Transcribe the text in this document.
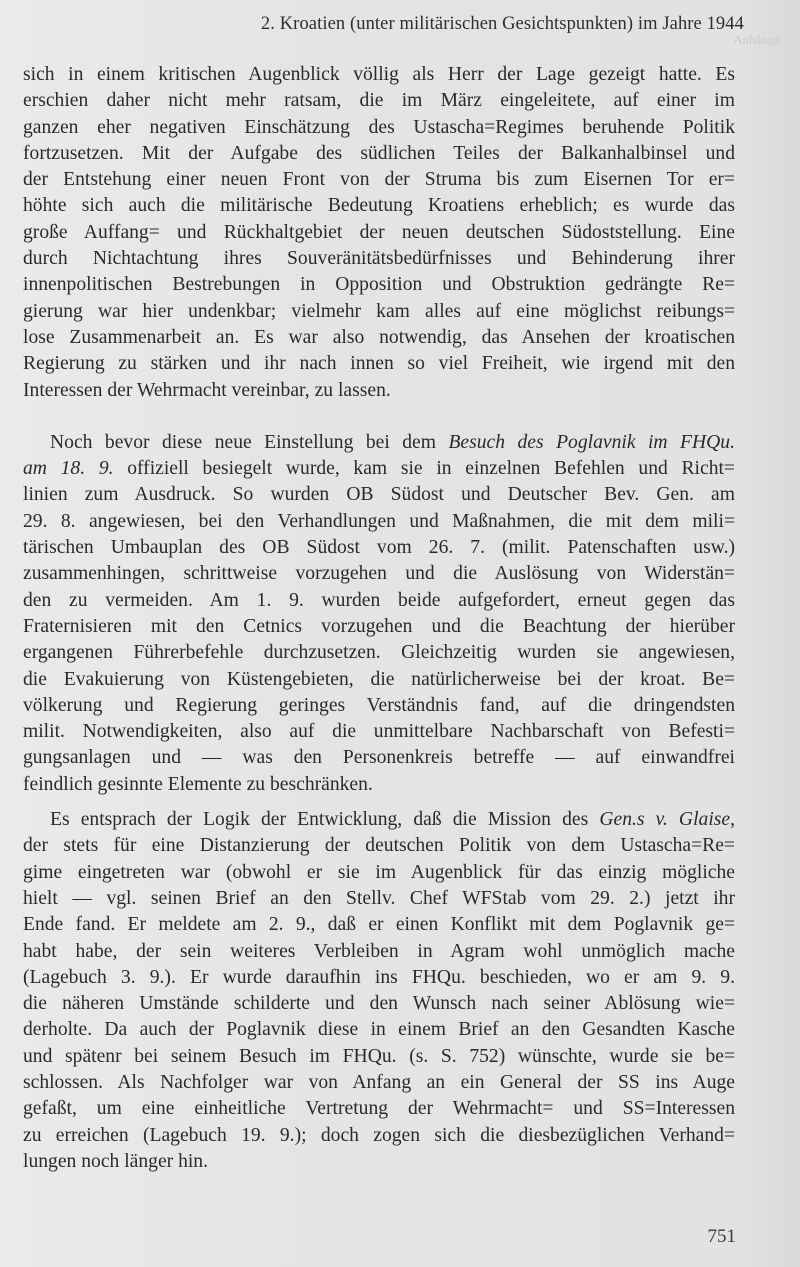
Anhänge
2. Kroatien (unter militärischen Gesichtspunkten) im Jahre 1944
sich in einem kritischen Augenblick völlig als Herr der Lage gezeigt hatte. Es
erschien daher nicht mehr ratsam, die im März eingeleitete, auf einer im
ganzen eher negativen Einschätzung des Ustascha=Regimes beruhende Politik
fortzusetzen. Mit der Aufgabe des südlichen Teiles der Balkanhalbinsel und
der Entstehung einer neuen Front von der Struma bis zum Eisernen Tor er=
höhte sich auch die militärische Bedeutung Kroatiens erheblich; es wurde das
große Auffang= und Rückhaltgebiet der neuen deutschen Südoststellung. Eine
durch Nichtachtung ihres Souveränitätsbedürfnisses und Behinderung ihrer
innenpolitischen Bestrebungen in Opposition und Obstruktion gedrängte Re=
gierung war hier undenkbar; vielmehr kam alles auf eine möglichst reibungs=
lose Zusammenarbeit an. Es war also notwendig, das Ansehen der kroatischen
Regierung zu stärken und ihr nach innen so viel Freiheit, wie irgend mit den
Interessen der Wehrmacht vereinbar, zu lassen.
Noch bevor diese neue Einstellung bei dem Besuch des Poglavnik im FHQu.
am 18. 9. offiziell besiegelt wurde, kam sie in einzelnen Befehlen und Richt=
linien zum Ausdruck. So wurden OB Südost und Deutscher Bev. Gen. am
29. 8. angewiesen, bei den Verhandlungen und Maßnahmen, die mit dem mili=
tärischen Umbauplan des OB Südost vom 26. 7. (milit. Patenschaften usw.)
zusammenhingen, schrittweise vorzugehen und die Auslösung von Widerstän=
den zu vermeiden. Am 1. 9. wurden beide aufgefordert, erneut gegen das
Fraternisieren mit den Cetnics vorzugehen und die Beachtung der hierüber
ergangenen Führerbefehle durchzusetzen. Gleichzeitig wurden sie angewiesen,
die Evakuierung von Küstengebieten, die natürlicherweise bei der kroat. Be=
völkerung und Regierung geringes Verständnis fand, auf die dringendsten
milit. Notwendigkeiten, also auf die unmittelbare Nachbarschaft von Befesti=
gungsanlagen und — was den Personenkreis betreffe — auf einwandfrei
feindlich gesinnte Elemente zu beschränken.
Es entsprach der Logik der Entwicklung, daß die Mission des Gen.s v. Glaise,
der stets für eine Distanzierung der deutschen Politik von dem Ustascha=Re=
gime eingetreten war (obwohl er sie im Augenblick für das einzig mögliche
hielt — vgl. seinen Brief an den Stellv. Chef WFStab vom 29. 2.) jetzt ihr
Ende fand. Er meldete am 2. 9., daß er einen Konflikt mit dem Poglavnik ge=
habt habe, der sein weiteres Verbleiben in Agram wohl unmöglich mache
(Lagebuch 3. 9.). Er wurde daraufhin ins FHQu. beschieden, wo er am 9. 9.
die näheren Umstände schilderte und den Wunsch nach seiner Ablösung wie=
derholte. Da auch der Poglavnik diese in einem Brief an den Gesandten Kasche
und spätenr bei seinem Besuch im FHQu. (s. S. 752) wünschte, wurde sie be=
schlossen. Als Nachfolger war von Anfang an ein General der SS ins Auge
gefaßt, um eine einheitliche Vertretung der Wehrmacht= und SS=Interessen
zu erreichen (Lagebuch 19. 9.); doch zogen sich die diesbezüglichen Verhand=
lungen noch länger hin.
751
